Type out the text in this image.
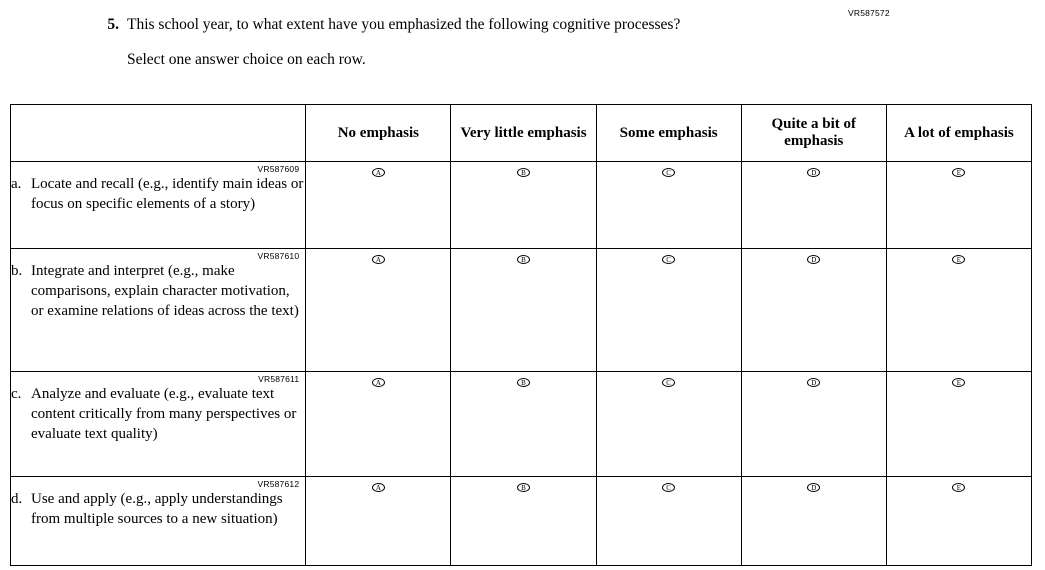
VR587572
5. This school year, to what extent have you emphasized the following cognitive processes?
Select one answer choice on each row.
	No emphasis	Very little emphasis	Some emphasis	Quite a bit of emphasis	A lot of emphasis

VR587609
a. Locate and recall (e.g., identify main ideas or focus on specific elements of a story)	A	B	C	D	E

VR587610
b. Integrate and interpret (e.g., make comparisons, explain character motivation, or examine relations of ideas across the text)	A	B	C	D	E

VR587611
c. Analyze and evaluate (e.g., evaluate text content critically from many perspectives or evaluate text quality)	A	B	C	D	E

VR587612
d. Use and apply (e.g., apply understandings from multiple sources to a new situation)	A	B	C	D	E
